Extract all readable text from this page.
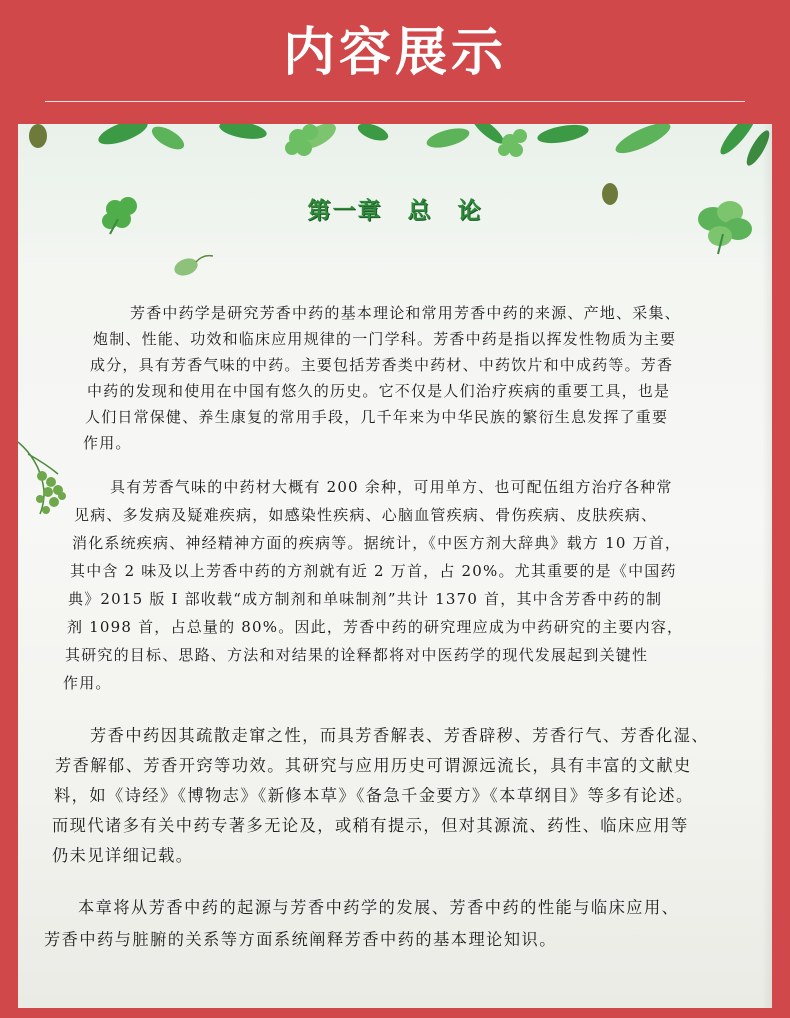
内容展示
第一章　总　论
芳香中药学是研究芳香中药的基本理论和常用芳香中药的来源、产地、采集、
炮制、性能、功效和临床应用规律的一门学科。芳香中药是指以挥发性物质为主要
成分，具有芳香气味的中药。主要包括芳香类中药材、中药饮片和中成药等。芳香
中药的发现和使用在中国有悠久的历史。它不仅是人们治疗疾病的重要工具，也是
人们日常保健、养生康复的常用手段，几千年来为中华民族的繁衍生息发挥了重要
作用。
具有芳香气味的中药材大概有 200 余种，可用单方、也可配伍组方治疗各种常
见病、多发病及疑难疾病，如感染性疾病、心脑血管疾病、骨伤疾病、皮肤疾病、
消化系统疾病、神经精神方面的疾病等。据统计，《中医方剂大辞典》载方 10 万首，
其中含 2 味及以上芳香中药的方剂就有近 2 万首，占 20%。尤其重要的是《中国药
典》2015 版 Ⅰ 部收载“成方制剂和单味制剂”共计 1370 首，其中含芳香中药的制
剂 1098 首，占总量的 80%。因此，芳香中药的研究理应成为中药研究的主要内容，
其研究的目标、思路、方法和对结果的诠释都将对中医药学的现代发展起到关键性
作用。
芳香中药因其疏散走窜之性，而具芳香解表、芳香辟秽、芳香行气、芳香化湿、
芳香解郁、芳香开窍等功效。其研究与应用历史可谓源远流长，具有丰富的文献史
料，如《诗经》《博物志》《新修本草》《备急千金要方》《本草纲目》等多有论述。
而现代诸多有关中药专著多无论及，或稍有提示，但对其源流、药性、临床应用等
仍未见详细记载。
本章将从芳香中药的起源与芳香中药学的发展、芳香中药的性能与临床应用、
芳香中药与脏腑的关系等方面系统阐释芳香中药的基本理论知识。
